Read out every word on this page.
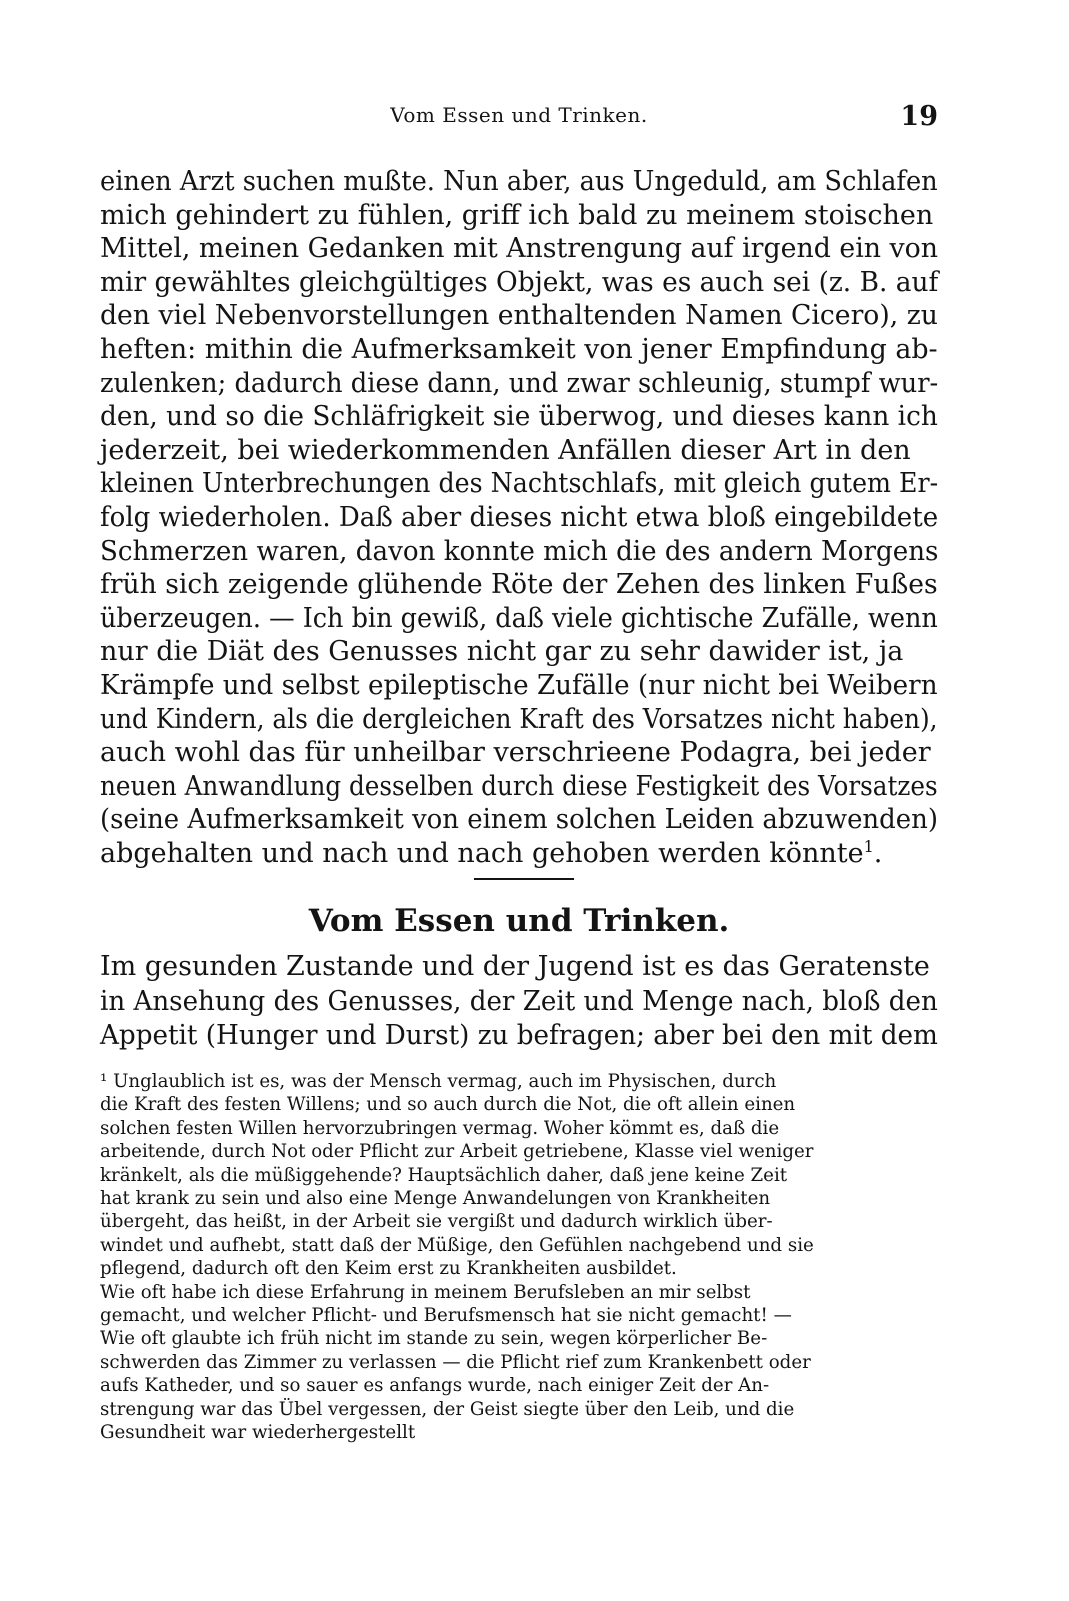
Vom Essen und Trinken.	19
einen Arzt suchen mußte. Nun aber, aus Ungeduld, am Schlafen
mich gehindert zu fühlen, griff ich bald zu meinem stoischen
Mittel, meinen Gedanken mit Anstrengung auf irgend ein von
mir gewähltes gleichgültiges Objekt, was es auch sei (z. B. auf
den viel Nebenvorstellungen enthaltenden Namen Cicero), zu
heften: mithin die Aufmerksamkeit von jener Empfindung ab-
zulenken; dadurch diese dann, und zwar schleunig, stumpf wur-
den, und so die Schläfrigkeit sie überwog, und dieses kann ich
jederzeit, bei wiederkommenden Anfällen dieser Art in den
kleinen Unterbrechungen des Nachtschlafs, mit gleich gutem Er-
folg wiederholen. Daß aber dieses nicht etwa bloß eingebildete
Schmerzen waren, davon konnte mich die des andern Morgens
früh sich zeigende glühende Röte der Zehen des linken Fußes
überzeugen. — Ich bin gewiß, daß viele gichtische Zufälle, wenn
nur die Diät des Genusses nicht gar zu sehr dawider ist, ja
Krämpfe und selbst epileptische Zufälle (nur nicht bei Weibern
und Kindern, als die dergleichen Kraft des Vorsatzes nicht haben),
auch wohl das für unheilbar verschrieene Podagra, bei jeder
neuen Anwandlung desselben durch diese Festigkeit des Vorsatzes
(seine Aufmerksamkeit von einem solchen Leiden abzuwenden)
abgehalten und nach und nach gehoben werden könnte$^1$.
Vom Essen und Trinken.
Im gesunden Zustande und der Jugend ist es das Geratenste
in Ansehung des Genusses, der Zeit und Menge nach, bloß den
Appetit (Hunger und Durst) zu befragen; aber bei den mit dem
¹ Unglaublich ist es, was der Mensch vermag, auch im Physischen, durch
die Kraft des festen Willens; und so auch durch die Not, die oft allein einen
solchen festen Willen hervorzubringen vermag. Woher kömmt es, daß die
arbeitende, durch Not oder Pflicht zur Arbeit getriebene, Klasse viel weniger
kränkelt, als die müßiggehende? Hauptsächlich daher, daß jene keine Zeit
hat krank zu sein und also eine Menge Anwandelungen von Krankheiten
übergeht, das heißt, in der Arbeit sie vergißt und dadurch wirklich über-
windet und aufhebt, statt daß der Müßige, den Gefühlen nachgebend und sie
pflegend, dadurch oft den Keim erst zu Krankheiten ausbildet.
Wie oft habe ich diese Erfahrung in meinem Berufsleben an mir selbst
gemacht, und welcher Pflicht- und Berufsmensch hat sie nicht gemacht! —
Wie oft glaubte ich früh nicht im stande zu sein, wegen körperlicher Be-
schwerden das Zimmer zu verlassen — die Pflicht rief zum Krankenbett oder
aufs Katheder, und so sauer es anfangs wurde, nach einiger Zeit der An-
strengung war das Übel vergessen, der Geist siegte über den Leib, und die
Gesundheit war wiederhergestellt
